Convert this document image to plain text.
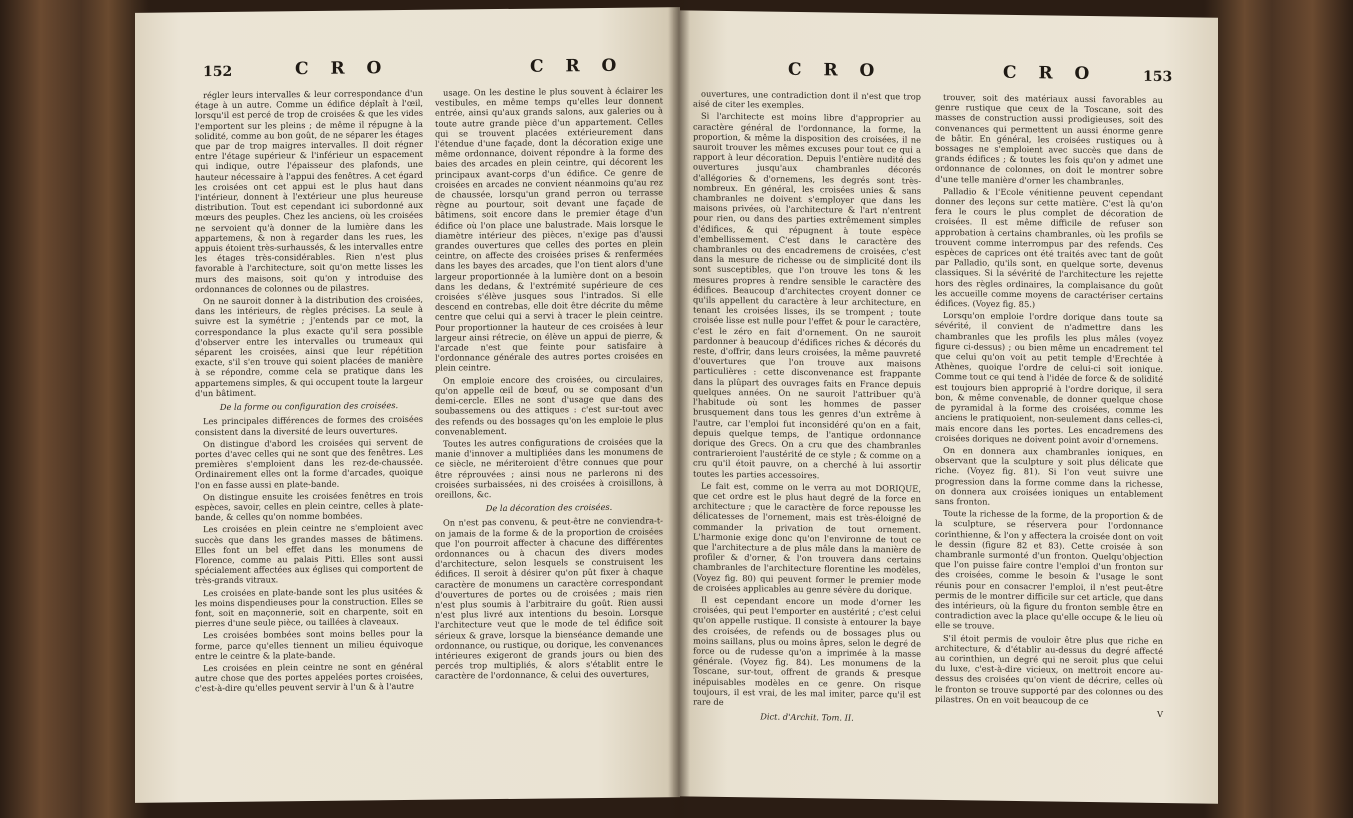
152	C R O	C R O

régler leurs intervalles & leur correspondance d'un étage à un autre. Comme un édifice déplaît à l'œil, lorsqu'il est percé de trop de croisées & que les vides l'emportent sur les pleins ; de même il répugne à la solidité, comme au bon goût, de ne séparer les étages que par de trop maigres intervalles. Il doit régner entre l'étage supérieur & l'inférieur un espacement qui indique, outre l'épaisseur des plafonds, une hauteur nécessaire à l'appui des fenêtres. A cet égard les croisées ont cet appui est le plus haut dans l'intérieur, donnent à l'extérieur une plus heureuse distribution. Tout est cependant ici subordonné aux mœurs des peuples. Chez les anciens, où les croisées ne servoient qu'à donner de la lumière dans les appartemens, & non à regarder dans les rues, les appuis étoient très-surhaussés, & les intervalles entre les étages très-considérables. Rien n'est plus favorable à l'architecture, soit qu'on mette lisses les murs des maisons, soit qu'on y introduise des ordonnances de colonnes ou de pilastres.

On ne sauroit donner à la distribution des croisées, dans les intérieurs, de règles précises. La seule à suivre est la symétrie ; j'entends par ce mot, la correspondance la plus exacte qu'il sera possible d'observer entre les intervalles ou trumeaux qui séparent les croisées, ainsi que leur répétition exacte, s'il s'en trouve qui soient placées de manière à se répondre, comme cela se pratique dans les appartemens simples, & qui occupent toute la largeur d'un bâtiment.

De la forme ou configuration des croisées.

Les principales différences de formes des croisées consistent dans la diversité de leurs ouvertures.

On distingue d'abord les croisées qui servent de portes d'avec celles qui ne sont que des fenêtres. Les premières s'emploient dans les rez-de-chaussée. Ordinairement elles ont la forme d'arcades, quoique l'on en fasse aussi en plate-bande.

On distingue ensuite les croisées fenêtres en trois espèces, savoir, celles en plein ceintre, celles à plate-bande, & celles qu'on nomme bombées.

Les croisées en plein ceintre ne s'emploient avec succès que dans les grandes masses de bâtimens. Elles font un bel effet dans les monumens de Florence, comme au palais Pitti. Elles sont aussi spécialement affectées aux églises qui comportent de très-grands vitraux.

Les croisées en plate-bande sont les plus usitées & les moins dispendieuses pour la construction. Elles se font, soit en maçonnerie, soit en charpente, soit en pierres d'une seule pièce, ou taillées à claveaux.

Les croisées bombées sont moins belles pour la forme, parce qu'elles tiennent un milieu équivoque entre le ceintre & la plate-bande.

Les croisées en plein ceintre ne sont en général autre chose que des portes appelées portes croisées, c'est-à-dire qu'elles peuvent servir à l'un & à l'autre

usage. On les destine le plus souvent à éclairer les vestibules, en même temps qu'elles leur donnent entrée, ainsi qu'aux grands salons, aux galeries ou à toute autre grande pièce d'un appartement. Celles qui se trouvent placées extérieurement dans l'étendue d'une façade, dont la décoration exige une même ordonnance, doivent répondre à la forme des baies des arcades en plein ceintre, qui décorent les principaux avant-corps d'un édifice. Ce genre de croisées en arcades ne convient néanmoins qu'au rez de chaussée, lorsqu'un grand perron ou terrasse règne au pourtour, soit devant une façade de bâtimens, soit encore dans le premier étage d'un édifice où l'on place une balustrade. Mais lorsque le diamètre intérieur des pièces, n'exige pas d'aussi grandes ouvertures que celles des portes en plein ceintre, on affecte des croisées prises & renfermées dans les bayes des arcades, que l'on tient alors d'une largeur proportionnée à la lumière dont on a besoin dans les dedans, & l'extrémité supérieure de ces croisées s'élève jusques sous l'intrados. Si elle descend en contrebas, elle doit être décrite du même centre que celui qui a servi à tracer le plein ceintre. Pour proportionner la hauteur de ces croisées à leur largeur ainsi rétrecie, on élève un appui de pierre, & l'arcade n'est que feinte pour satisfaire à l'ordonnance générale des autres portes croisées en plein ceintre.

On emploie encore des croisées, ou circulaires, qu'on appelle œil de bœuf, ou se composant d'un demi-cercle. Elles ne sont d'usage que dans des soubassemens ou des attiques : c'est sur-tout avec des refends ou des bossages qu'on les emploie le plus convenablement.

Toutes les autres configurations de croisées que la manie d'innover a multipliées dans les monumens de ce siècle, ne mériteroient d'être connues que pour être réprouvées ; ainsi nous ne parlerons ni des croisées surbaissées, ni des croisées à croisillons, à oreillons, &c.

De la décoration des croisées.

On n'est pas convenu, & peut-être ne conviendra-t-on jamais de la forme & de la proportion de croisées que l'on pourroit affecter à chacune des différentes ordonnances ou à chacun des divers modes d'architecture, selon lesquels se construisent les édifices. Il seroit à désirer qu'on pût fixer à chaque caractère de monumens un caractère correspondant d'ouvertures de portes ou de croisées ; mais rien n'est plus soumis à l'arbitraire du goût. Rien aussi n'est plus livré aux intentions du besoin. Lorsque l'architecture veut que le mode de tel édifice soit sérieux & grave, lorsque la bienséance demande une ordonnance, ou rustique, ou dorique, les convenances intérieures exigeront de grands jours ou bien des percés trop multipliés, & alors s'établit entre le caractère de l'ordonnance, & celui des ouvertures,

C R O	C R O	153

ouvertures, une contradiction dont il n'est que trop aisé de citer les exemples.

Si l'architecte est moins libre d'approprier au caractère général de l'ordonnance, la forme, la proportion, & même la disposition des croisées, il ne sauroit trouver les mêmes excuses pour tout ce qui a rapport à leur décoration. Depuis l'entière nudité des ouvertures jusqu'aux chambranles décorés d'allégories & d'ornemens, les degrés sont très-nombreux. En général, les croisées unies & sans chambranles ne doivent s'employer que dans les maisons privées, où l'architecture & l'art n'entrent pour rien, ou dans des parties extrêmement simples d'édifices, & qui répugnent à toute espèce d'embellissement. C'est dans le caractère des chambranles ou des encadremens de croisées, c'est dans la mesure de richesse ou de simplicité dont ils sont susceptibles, que l'on trouve les tons & les mesures propres à rendre sensible le caractère des édifices. Beaucoup d'architectes croyent donner ce qu'ils appellent du caractère à leur architecture, en tenant les croisées lisses, ils se trompent ; toute croisée lisse est nulle pour l'effet & pour le caractère, c'est le zéro en fait d'ornement. On ne sauroit pardonner à beaucoup d'édifices riches & décorés du reste, d'offrir, dans leurs croisées, la même pauvreté d'ouvertures que l'on trouve aux maisons particulières : cette disconvenance est frappante dans la plûpart des ouvrages faits en France depuis quelques années. On ne sauroit l'attribuer qu'à l'habitude où sont les hommes de passer brusquement dans tous les genres d'un extrême à l'autre, car l'emploi fut inconsidéré qu'on en a fait, depuis quelque temps, de l'antique ordonnance dorique des Grecs. On a cru que des chambranles contrarieroient l'austérité de ce style ; & comme on a cru qu'il étoit pauvre, on a cherché à lui assortir toutes les parties accessoires.

Le fait est, comme on le verra au mot DORIQUE, que cet ordre est le plus haut degré de la force en architecture ; que le caractère de force repousse les délicatesses de l'ornement, mais est très-éloigné de commander la privation de tout ornement. L'harmonie exige donc qu'on l'environne de tout ce que l'architecture a de plus mâle dans la manière de profiler & d'orner, & l'on trouvera dans certains chambranles de l'architecture florentine les modèles, (Voyez fig. 80) qui peuvent former le premier mode de croisées applicables au genre sévère du dorique.

Il est cependant encore un mode d'orner les croisées, qui peut l'emporter en austérité ; c'est celui qu'on appelle rustique. Il consiste à entourer la baye des croisées, de refends ou de bossages plus ou moins saillans, plus ou moins âpres, selon le degré de force ou de rudesse qu'on a imprimée à la masse générale. (Voyez fig. 84). Les monumens de la Toscane, sur-tout, offrent de grands & presque inépuisables modèles en ce genre. On risque toujours, il est vrai, de les mal imiter, parce qu'il est rare de

Dict. d'Archit. Tom. II.

trouver, soit des matériaux aussi favorables au genre rustique que ceux de la Toscane, soit des masses de construction aussi prodigieuses, soit des convenances qui permettent un aussi énorme genre de bâtir. En général, les croisées rustiques ou à bossages ne s'emploient avec succès que dans de grands édifices ; & toutes les fois qu'on y admet une ordonnance de colonnes, on doit le montrer sobre d'une telle manière d'orner les chambranles.

Palladio & l'Ecole vénitienne peuvent cependant donner des leçons sur cette matière. C'est là qu'on fera le cours le plus complet de décoration de croisées. Il est même difficile de refuser son approbation à certains chambranles, où les profils se trouvent comme interrompus par des refends. Ces espèces de caprices ont été traités avec tant de goût par Palladio, qu'ils sont, en quelque sorte, devenus classiques. Si la sévérité de l'architecture les rejette hors des règles ordinaires, la complaisance du goût les accueille comme moyens de caractériser certains édifices. (Voyez fig. 85.)

Lorsqu'on emploie l'ordre dorique dans toute sa sévérité, il convient de n'admettre dans les chambranles que les profils les plus mâles (voyez figure ci-dessus) ; ou bien même un encadrement tel que celui qu'on voit au petit temple d'Erechtée à Athènes, quoique l'ordre de celui-ci soit ionique. Comme tout ce qui tend à l'idée de force & de solidité est toujours bien approprié à l'ordre dorique, il sera bon, & même convenable, de donner quelque chose de pyramidal à la forme des croisées, comme les anciens le pratiquoient, non-seulement dans celles-ci, mais encore dans les portes. Les encadremens des croisées doriques ne doivent point avoir d'ornemens.

On en donnera aux chambranles ioniques, en observant que la sculpture y soit plus délicate que riche. (Voyez fig. 81). Si l'on veut suivre une progression dans la forme comme dans la richesse, on donnera aux croisées ioniques un entablement sans fronton.

Toute la richesse de la forme, de la proportion & de la sculpture, se réservera pour l'ordonnance corinthienne, & l'on y affectera la croisée dont on voit le dessin (figure 82 et 83). Cette croisée à son chambranle surmonté d'un fronton. Quelqu'objection que l'on puisse faire contre l'emploi d'un fronton sur des croisées, comme le besoin & l'usage le sont réunis pour en consacrer l'emploi, il n'est peut-être permis de le montrer difficile sur cet article, que dans des intérieurs, où la figure du fronton semble être en contradiction avec la place qu'elle occupe & le lieu où elle se trouve.

S'il étoit permis de vouloir être plus que riche en architecture, & d'établir au-dessus du degré affecté au corinthien, un degré qui ne seroit plus que celui du luxe, c'est-à-dire vicieux, on mettroit encore au-dessus des croisées qu'on vient de décrire, celles où le fronton se trouve supporté par des colonnes ou des pilastres. On en voit beaucoup de ce

V
